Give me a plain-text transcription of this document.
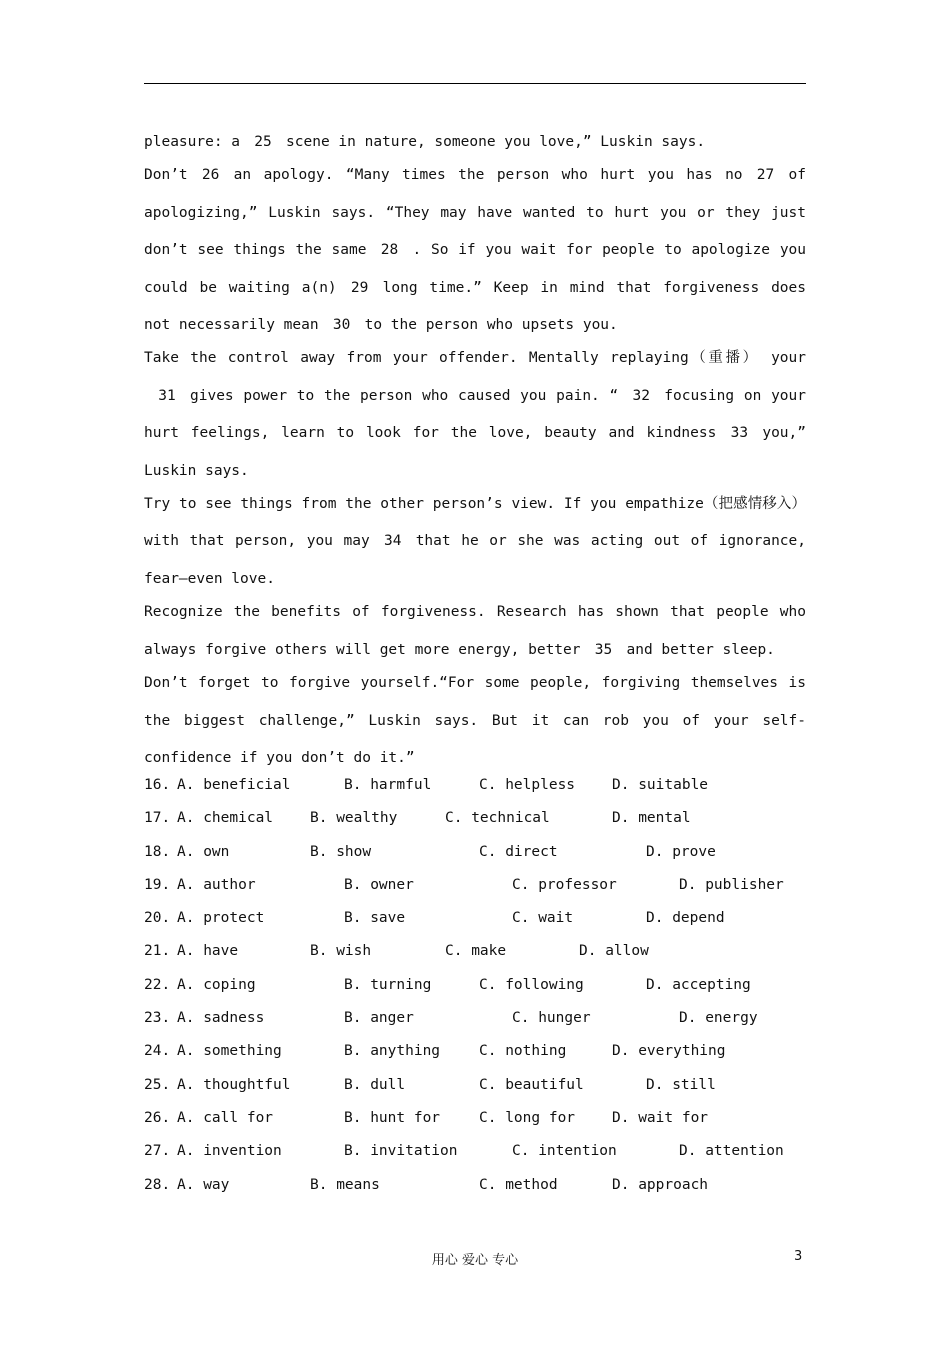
pleasure: a 25 scene in nature, someone you love,” Luskin says.

Don’t 26 an apology. “Many times the person who hurt you has no 27 of apologizing,” Luskin says. “They may have wanted to hurt you or they just don’t see things the same 28 . So if you wait for people to apologize you could be waiting a(n) 29 long time.” Keep in mind that forgiveness does not necessarily mean 30 to the person who upsets you.

Take the control away from your offender. Mentally replaying（重播） your31 gives power to the person who caused you pain. “ 32 focusing on your hurt feelings, learn to look for the love, beauty and kindness 33 you,” Luskin says.

Try to see things from the other person’s view. If you empathize（把感情移入） with that person, you may 34 that he or she was acting out of ignorance, fear—even love.

Recognize the benefits of forgiveness. Research has shown that people who always forgive others will get more energy, better 35 and better sleep.

Don’t forget to forgive yourself.“For some people, forgiving themselves is the biggest challenge,” Luskin says. But it can rob you of your self-confidence if you don’t do it.”

16.

A. beneficial

	B. harmful

	C. helpless

	D. suitable

17.

A. chemical

	B. wealthy

	C. technical

	D. mental

18.

A. own

	B. show

	C. direct

	D. prove

19.

A. author

	B. owner

	C. professor

	D. publisher

20.

A. protect

	B. save

	C. wait

	D. depend

21.

A. have

	B. wish

	C. make

	D. allow

22.

A. coping

	B. turning

	C. following

	D. accepting

23.

A. sadness

	B. anger

	C. hunger

	D. energy

24.

A. something

	B. anything

	C. nothing

	D. everything

25.

A. thoughtful

	B. dull

	C. beautiful

	D. still

26.

A. call for

	B. hunt for

	C. long for

	D. wait for

27.

A. invention

	B. invitation

	C. intention

	D. attention

28.

A. way

	B. means

	C. method

	D. approach

用心 爱心 专心	3
